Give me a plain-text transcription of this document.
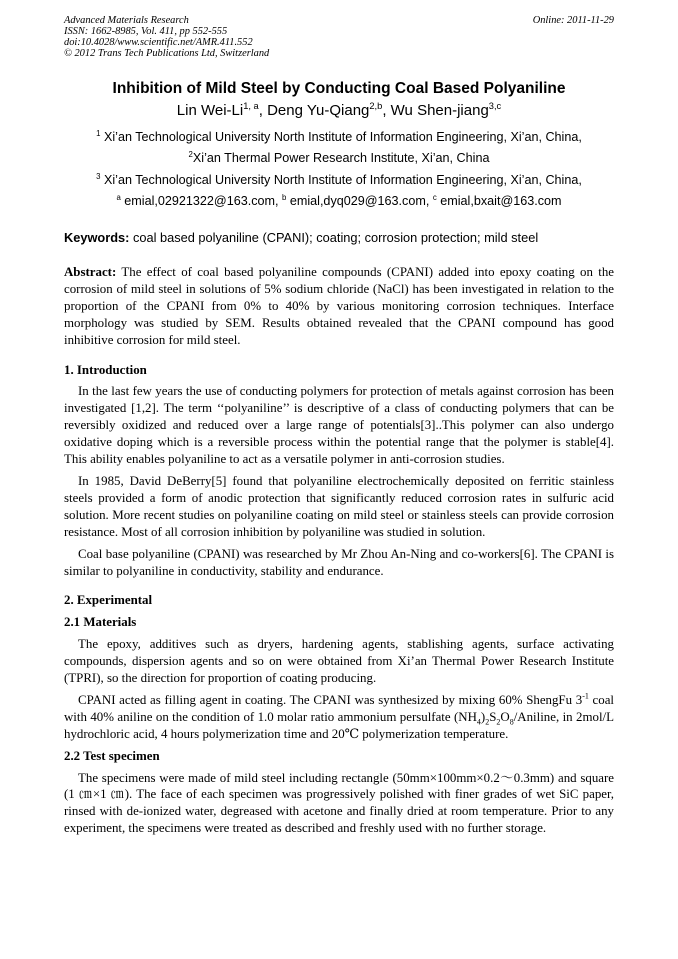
Advanced Materials Research
ISSN: 1662-8985, Vol. 411, pp 552-555
doi:10.4028/www.scientific.net/AMR.411.552
© 2012 Trans Tech Publications Ltd, Switzerland
Online: 2011-11-29
Inhibition of Mild Steel by Conducting Coal Based Polyaniline
Lin Wei-Li$^{1, a}$, Deng Yu-Qiang$^{2,b}$, Wu Shen-jiang$^{3,c}$
$^1$ Xi’an Technological University North Institute of Information Engineering, Xi’an, China,
$^2$Xi’an Thermal Power Research Institute, Xi’an, China
$^3$ Xi’an Technological University North Institute of Information Engineering, Xi’an, China,
$^a$ emial,02921322@163.com, $^b$ emial,dyq029@163.com, $^c$ emial,bxait@163.com
Keywords: coal based polyaniline (CPANI); coating; corrosion protection; mild steel

Abstract: The effect of coal based polyaniline compounds (CPANI) added into epoxy coating on the corrosion of mild steel in solutions of 5% sodium chloride (NaCl) has been investigated in relation to the proportion of the CPANI from 0% to 40% by various monitoring corrosion techniques. Interface morphology was studied by SEM. Results obtained revealed that the CPANI compound has good inhibitive corrosion for mild steel.

1. Introduction

In the last few years the use of conducting polymers for protection of metals against corrosion has been investigated [1,2]. The term ‘‘polyaniline’’ is descriptive of a class of conducting polymers that can be reversibly oxidized and reduced over a large range of potentials[3]..This polymer can also undergo oxidative doping which is a reversible process within the potential range that the polymer is stable[4]. This ability enables polyaniline to act as a versatile polymer in anti-corrosion studies.

In 1985, David DeBerry[5] found that polyaniline electrochemically deposited on ferritic stainless steels provided a form of anodic protection that significantly reduced corrosion rates in sulfuric acid solution. More recent studies on polyaniline coating on mild steel or stainless steels can provide corrosion resistance. Most of all corrosion inhibition by polyaniline was studied in solution.

Coal base polyaniline (CPANI) was researched by Mr Zhou An-Ning and co-workers[6]. The CPANI is similar to polyaniline in conductivity, stability and endurance.

2. Experimental
2.1 Materials

The epoxy, additives such as dryers, hardening agents, stablishing agents, surface activating compounds, dispersion agents and so on were obtained from Xi’an Thermal Power Research Institute (TPRI), so the direction for proportion of coating producing.

CPANI acted as filling agent in coating. The CPANI was synthesized by mixing 60% ShengFu $3^{-1}$ coal with 40% aniline on the condition of 1.0 molar ratio ammonium persulfate $(NH_4)_2S_2O_8$/Aniline, in 2mol/L hydrochloric acid, 4 hours polymerization time and 20℃ polymerization temperature.

2.2 Test specimen

The specimens were made of mild steel including rectangle (50mm×100mm×0.2～0.3mm) and square (1 ㎝×1 ㎝). The face of each specimen was progressively polished with finer grades of wet SiC paper, rinsed with de-ionized water, degreased with acetone and finally dried at room temperature. Prior to any experiment, the specimens were treated as described and freshly used with no further storage.
